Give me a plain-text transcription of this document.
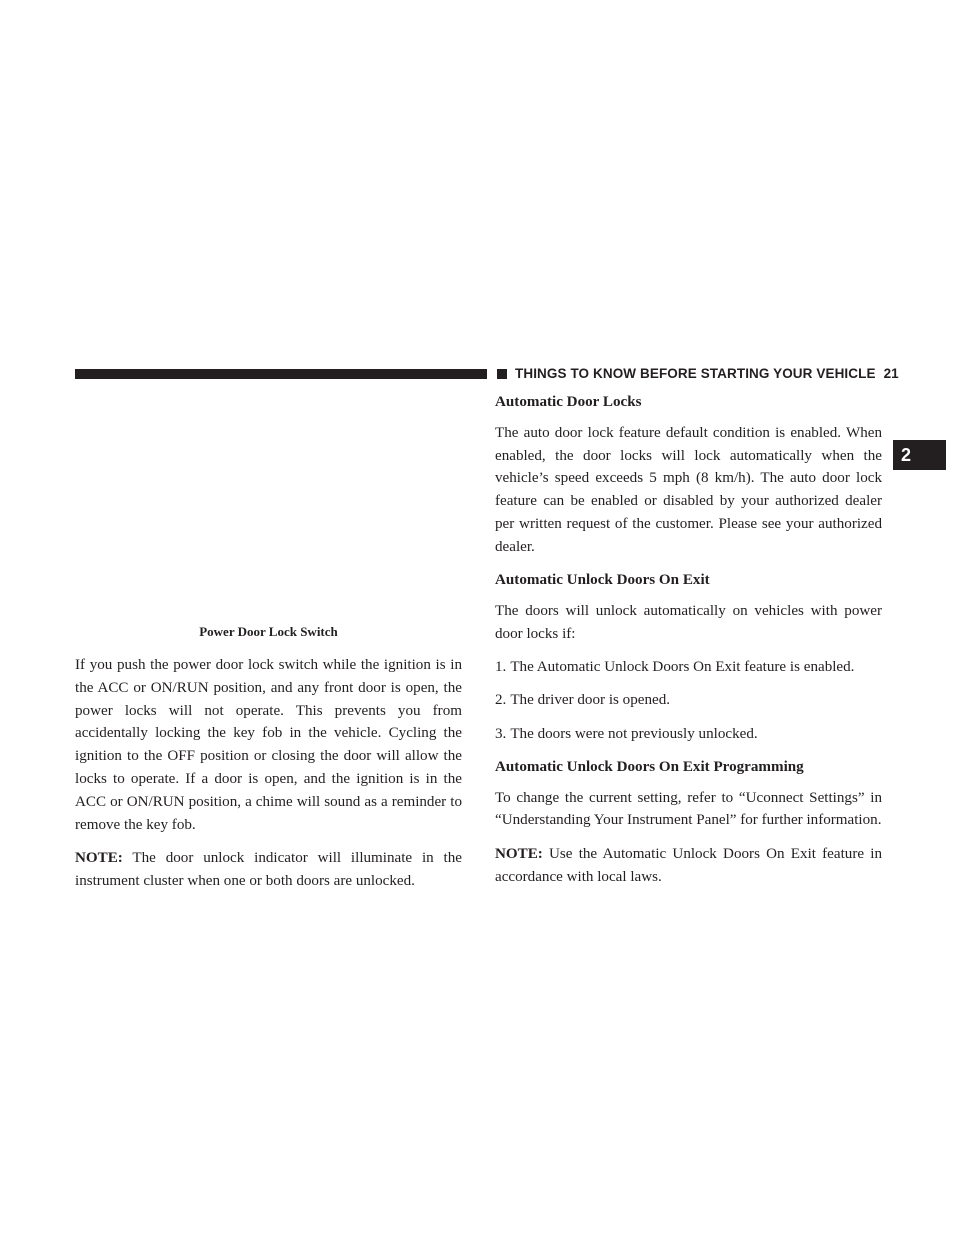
THINGS TO KNOW BEFORE STARTING YOUR VEHICLE 21
2
Power Door Lock Switch

If you push the power door lock switch while the ignition is in the ACC or ON/RUN position, and any front door is open, the power locks will not operate. This prevents you from accidentally locking the key fob in the vehicle. Cycling the ignition to the OFF position or closing the door will allow the locks to operate. If a door is open, and the ignition is in the ACC or ON/RUN position, a chime will sound as a reminder to remove the key fob.

NOTE: The door unlock indicator will illuminate in the instrument cluster when one or both doors are unlocked.

Automatic Door Locks

The auto door lock feature default condition is enabled. When enabled, the door locks will lock automatically when the vehicle’s speed exceeds 5 mph (8 km/h). The auto door lock feature can be enabled or disabled by your authorized dealer per written request of the customer. Please see your authorized dealer.

Automatic Unlock Doors On Exit

The doors will unlock automatically on vehicles with power door locks if:

1. The Automatic Unlock Doors On Exit feature is enabled.
2. The driver door is opened.
3. The doors were not previously unlocked.
Automatic Unlock Doors On Exit Programming

To change the current setting, refer to “Uconnect Settings” in “Understanding Your Instrument Panel” for further information.

NOTE: Use the Automatic Unlock Doors On Exit feature in accordance with local laws.
